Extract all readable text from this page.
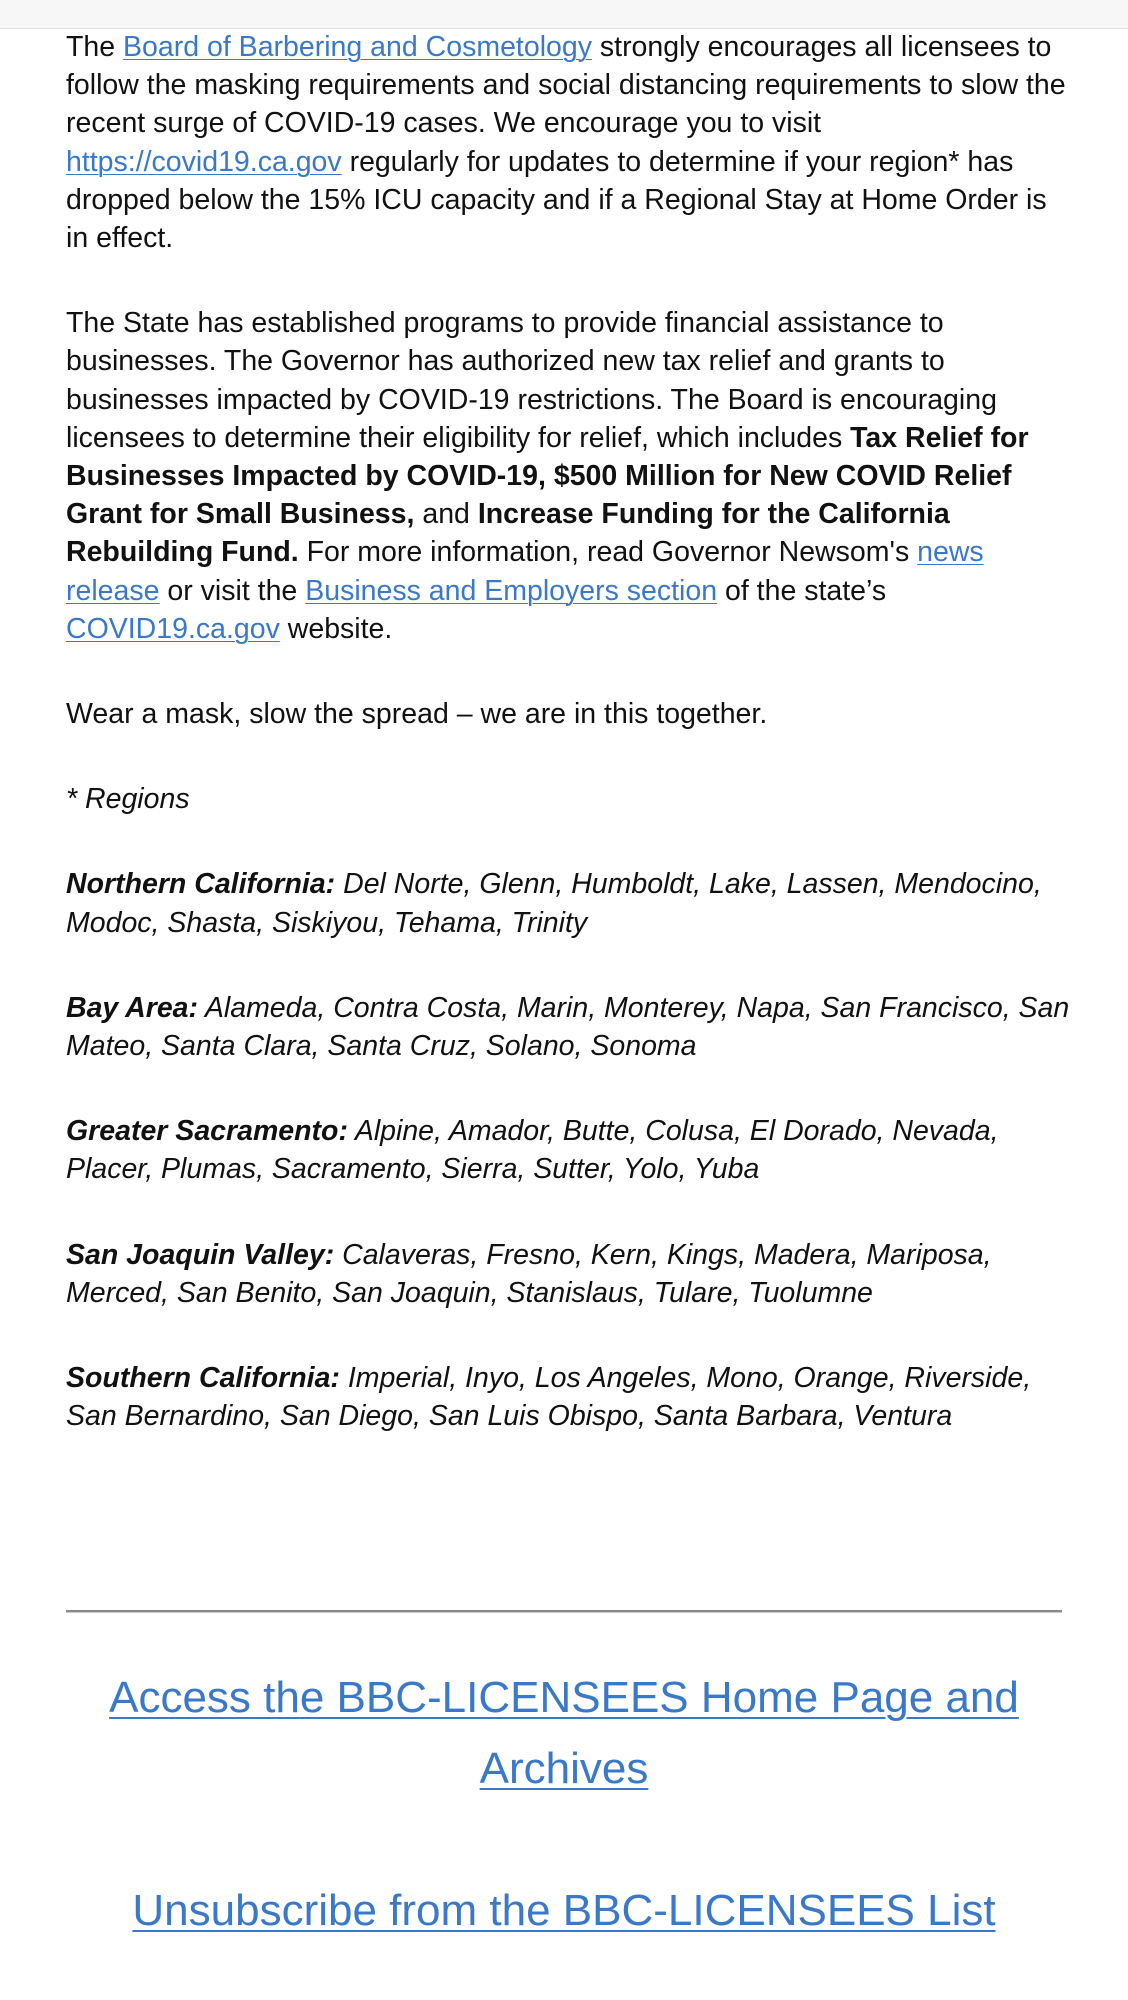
The Board of Barbering and Cosmetology strongly encourages all licensees to follow the masking requirements and social distancing requirements to slow the recent surge of COVID-19 cases. We encourage you to visit https://covid19.ca.gov regularly for updates to determine if your region* has dropped below the 15% ICU capacity and if a Regional Stay at Home Order is in effect.

The State has established programs to provide financial assistance to businesses. The Governor has authorized new tax relief and grants to businesses impacted by COVID-19 restrictions. The Board is encouraging licensees to determine their eligibility for relief, which includes Tax Relief for Businesses Impacted by COVID-19, $500 Million for New COVID Relief Grant for Small Business, and Increase Funding for the California Rebuilding Fund. For more information, read Governor Newsom's news release or visit the Business and Employers section of the state’s COVID19.ca.gov website.

Wear a mask, slow the spread – we are in this together.

* Regions

Northern California: Del Norte, Glenn, Humboldt, Lake, Lassen, Mendocino, Modoc, Shasta, Siskiyou, Tehama, Trinity

Bay Area: Alameda, Contra Costa, Marin, Monterey, Napa, San Francisco, San Mateo, Santa Clara, Santa Cruz, Solano, Sonoma

Greater Sacramento: Alpine, Amador, Butte, Colusa, El Dorado, Nevada, Placer, Plumas, Sacramento, Sierra, Sutter, Yolo, Yuba

San Joaquin Valley: Calaveras, Fresno, Kern, Kings, Madera, Mariposa, Merced, San Benito, San Joaquin, Stanislaus, Tulare, Tuolumne

Southern California: Imperial, Inyo, Los Angeles, Mono, Orange, Riverside, San Bernardino, San Diego, San Luis Obispo, Santa Barbara, Ventura

Access the BBC-LICENSEES Home Page and Archives
Unsubscribe from the BBC-LICENSEES List
